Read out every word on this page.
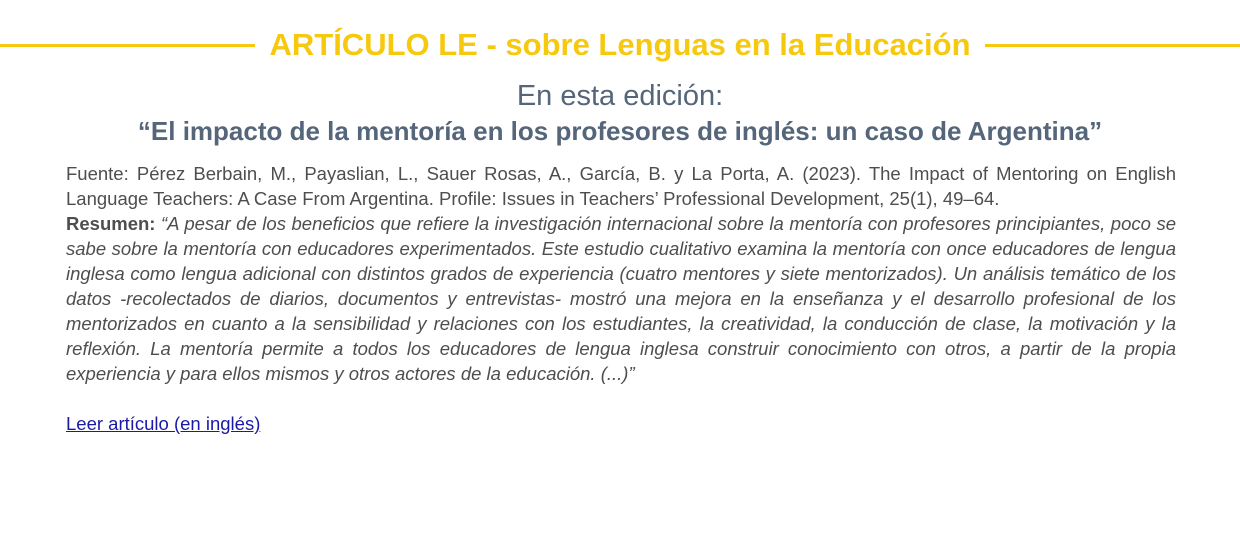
ARTÍCULO LE - sobre Lenguas en la Educación
En esta edición:
“El impacto de la mentoría en los profesores de inglés: un caso de Argentina”

Fuente: Pérez Berbain, M., Payaslian, L., Sauer Rosas, A., García, B. y La Porta, A. (2023). The Impact of Mentoring on English Language Teachers: A Case From Argentina. Profile: Issues in Teachers’ Professional Development, 25(1), 49–64.

Resumen: “A pesar de los beneficios que refiere la investigación internacional sobre la mentoría con profesores principiantes, poco se sabe sobre la mentoría con educadores experimentados. Este estudio cualitativo examina la mentoría con once educadores de lengua inglesa como lengua adicional con distintos grados de experiencia (cuatro mentores y siete mentorizados). Un análisis temático de los datos -recolectados de diarios, documentos y entrevistas- mostró una mejora en la enseñanza y el desarrollo profesional de los mentorizados en cuanto a la sensibilidad y relaciones con los estudiantes, la creatividad, la conducción de clase, la motivación y la reflexión. La mentoría permite a todos los educadores de lengua inglesa construir conocimiento con otros, a partir de la propia experiencia y para ellos mismos y otros actores de la educación. (...)”

Leer artículo (en inglés)
